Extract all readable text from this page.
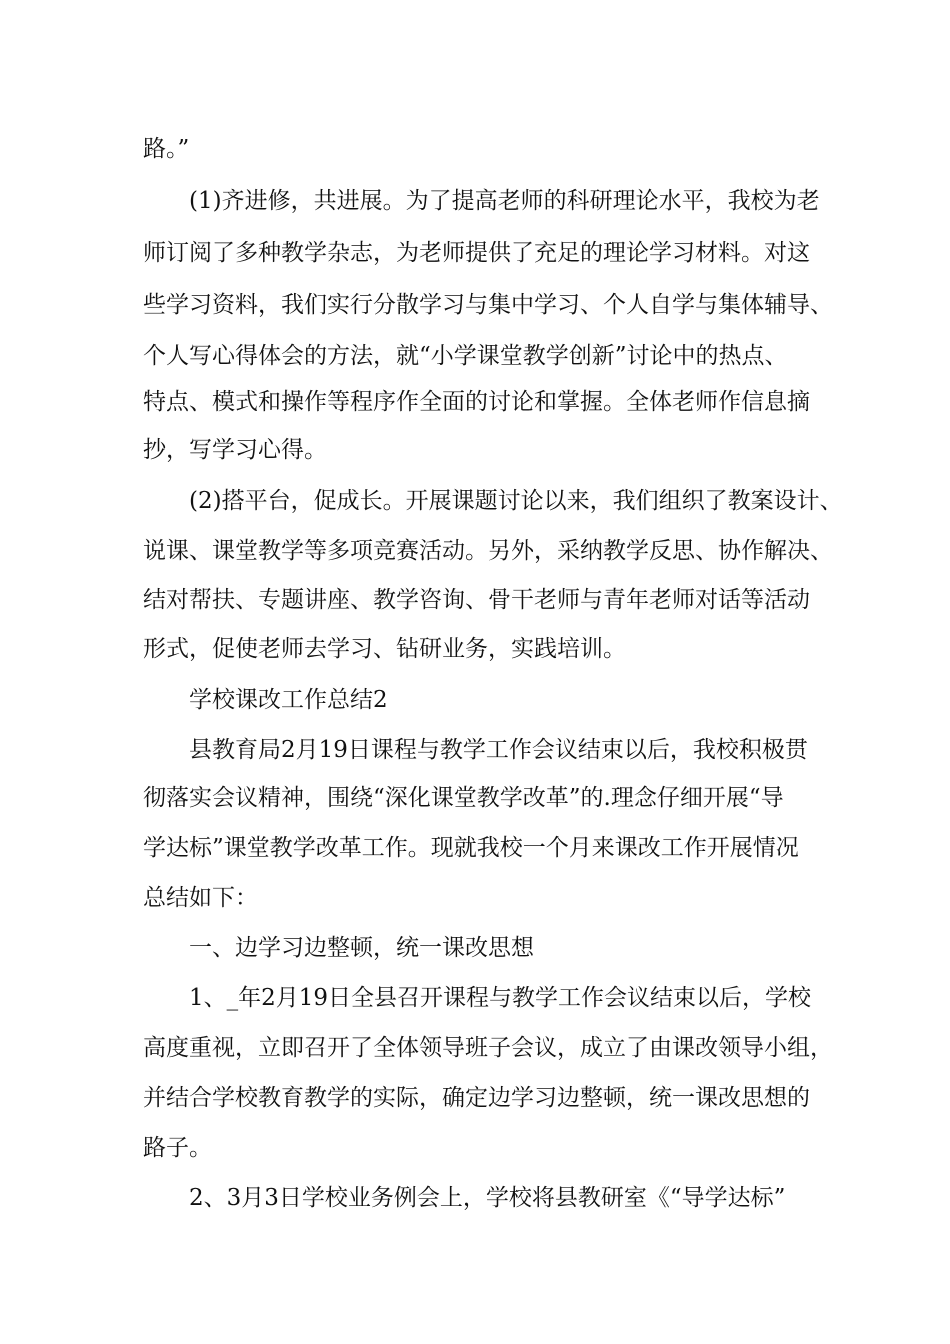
路。”
(1)齐进修，共进展。为了提高老师的科研理论水平，我校为老
师订阅了多种教学杂志，为老师提供了充足的理论学习材料。对这
些学习资料，我们实行分散学习与集中学习、个人自学与集体辅导、
个人写心得体会的方法，就“小学课堂教学创新”讨论中的热点、
特点、模式和操作等程序作全面的讨论和掌握。全体老师作信息摘
抄，写学习心得。
(2)搭平台，促成长。开展课题讨论以来，我们组织了教案设计、
说课、课堂教学等多项竞赛活动。另外，采纳教学反思、协作解决、
结对帮扶、专题讲座、教学咨询、骨干老师与青年老师对话等活动
形式，促使老师去学习、钻研业务，实践培训。
学校课改工作总结2
县教育局2月19日课程与教学工作会议结束以后，我校积极贯
彻落实会议精神，围绕“深化课堂教学改革”的.理念仔细开展“导
学达标”课堂教学改革工作。现就我校一个月来课改工作开展情况
总结如下：
一、边学习边整顿，统一课改思想
1、_年2月19日全县召开课程与教学工作会议结束以后，学校
高度重视，立即召开了全体领导班子会议，成立了由课改领导小组，
并结合学校教育教学的实际，确定边学习边整顿，统一课改思想的
路子。
2、3月3日学校业务例会上，学校将县教研室《“导学达标”
